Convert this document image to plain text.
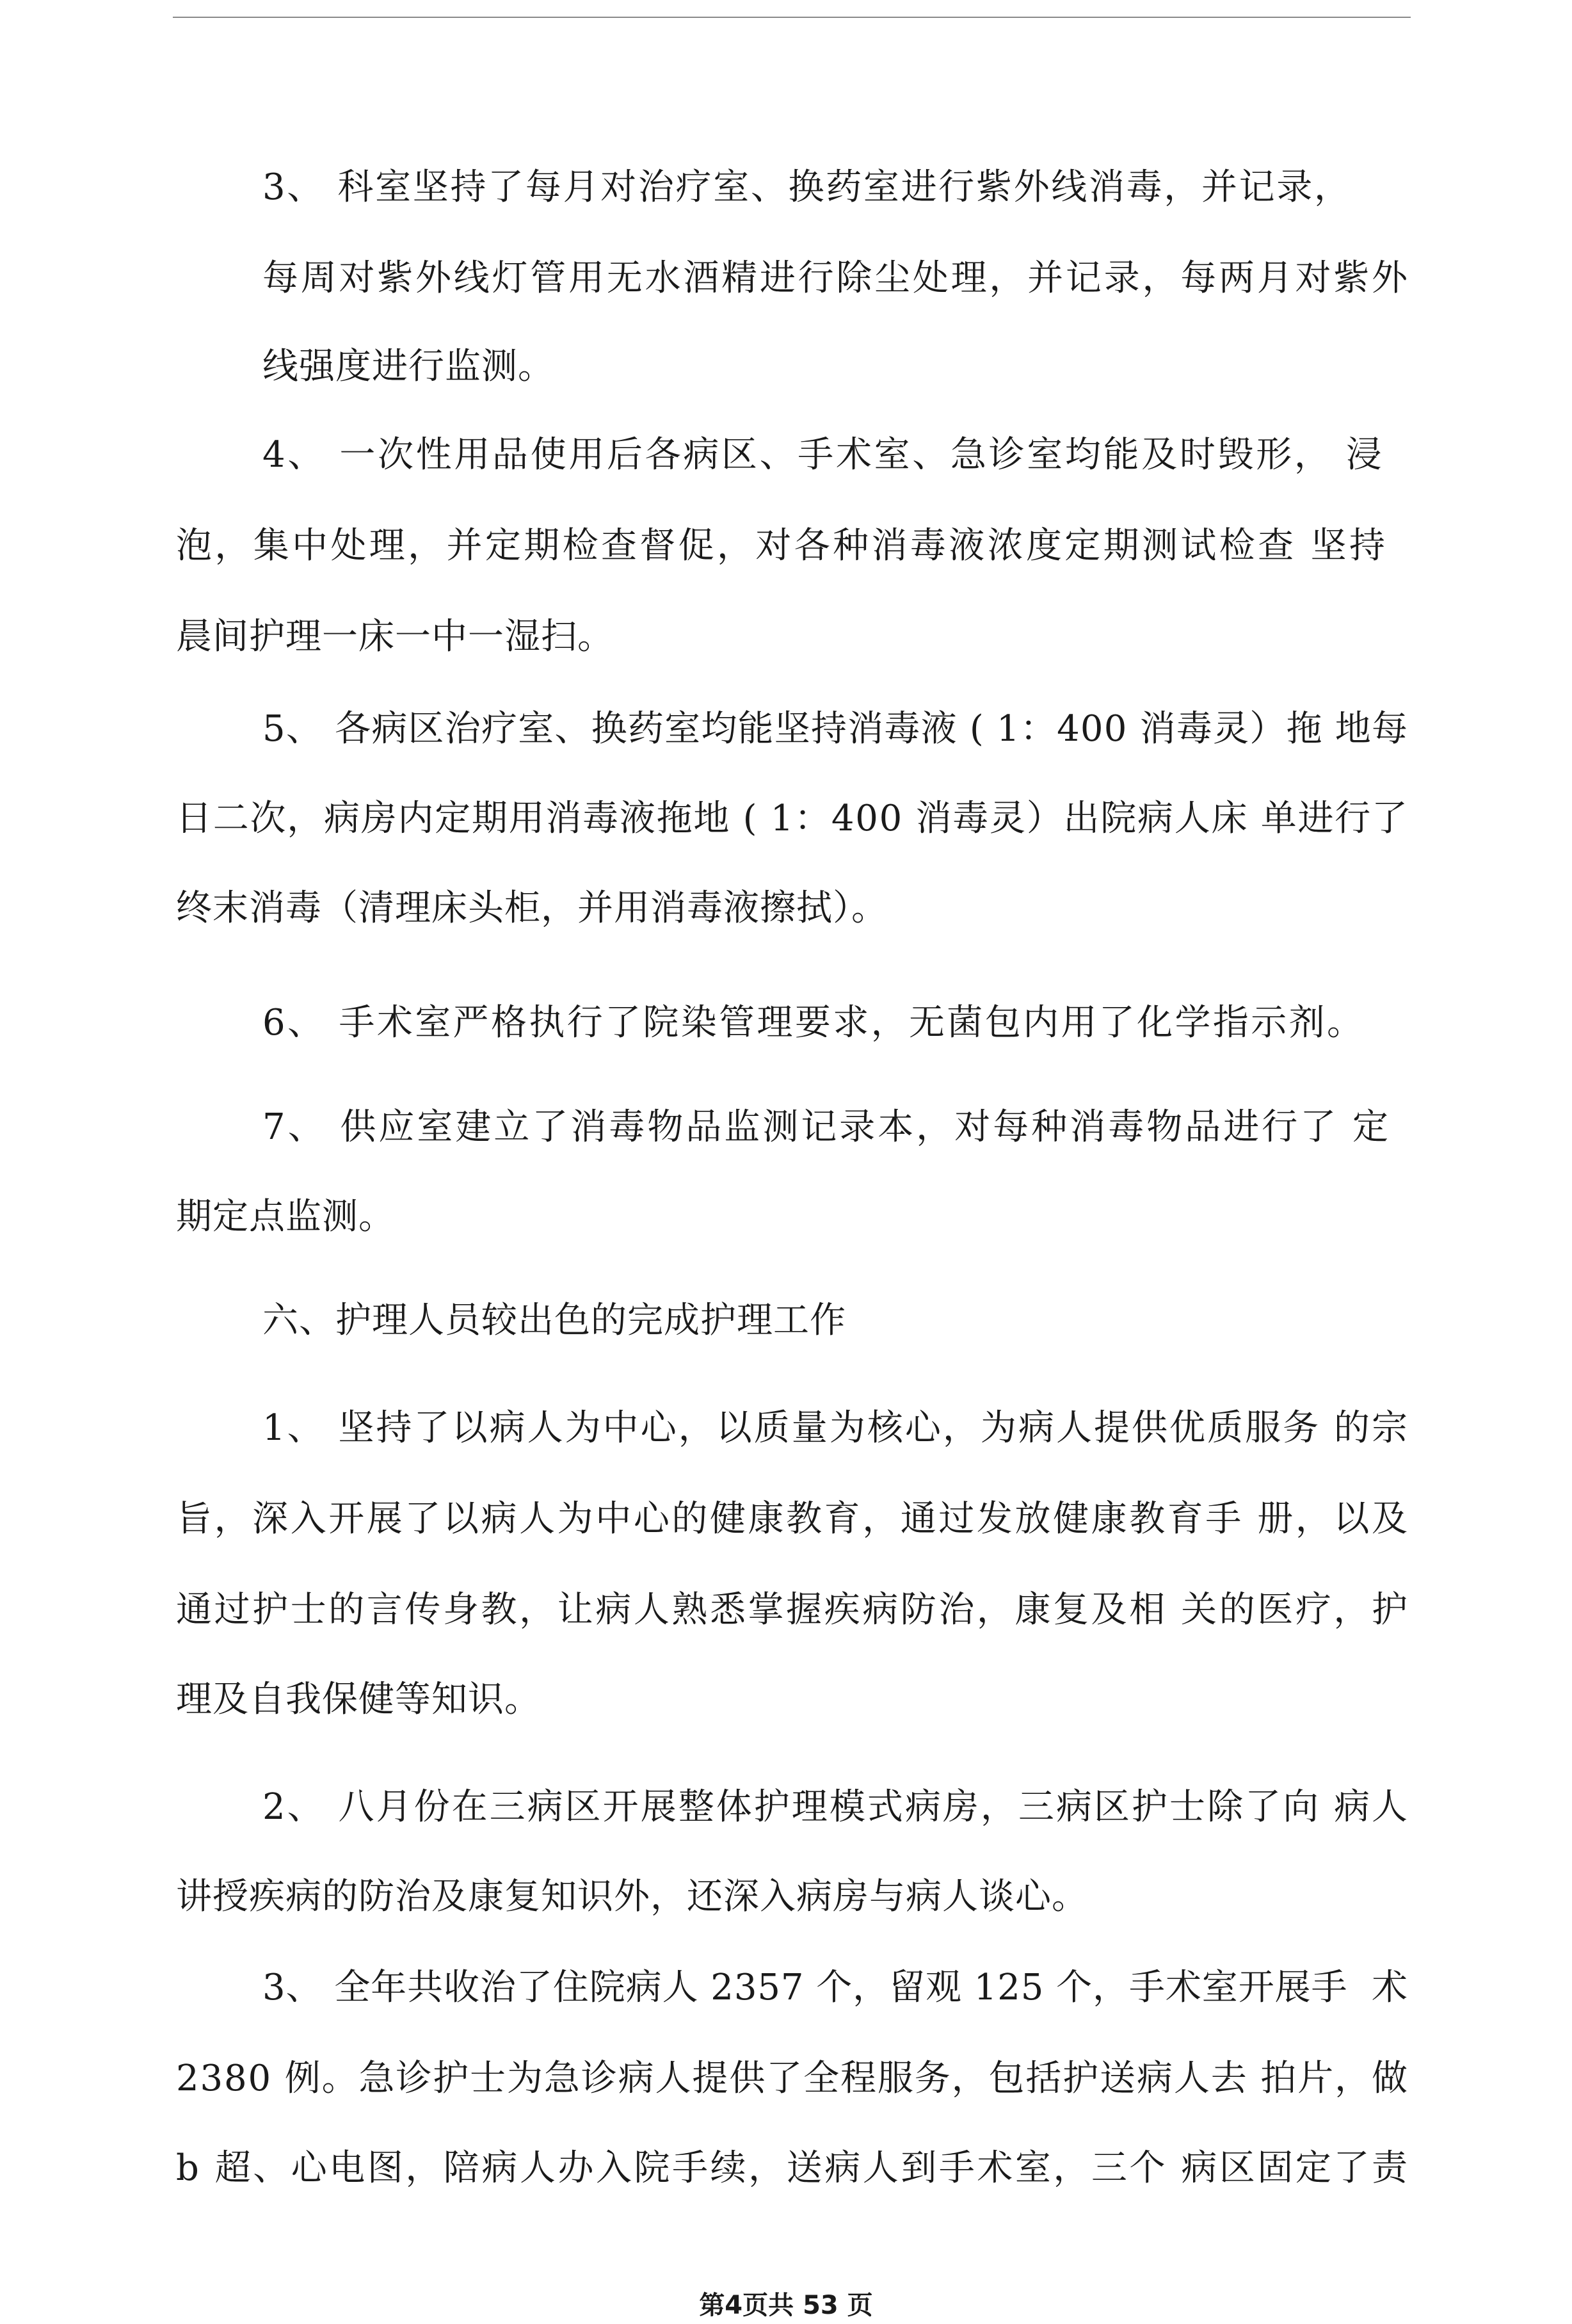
3、 科室坚持了每月对治疗室、换药室进行紫外线消毒，并记录，
每周对紫外线灯管用无水酒精进行除尘处理，并记录，每两月对紫外
线强度进行监测。
4、 一次性用品使用后各病区、手术室、急诊室均能及时毁形， 浸
泡，集中处理，并定期检查督促，对各种消毒液浓度定期测试检查 坚持
晨间护理一床一中一湿扫。
5、 各病区治疗室、换药室均能坚持消毒液 ( 1：400 消毒灵）拖 地每
日二次，病房内定期用消毒液拖地 ( 1：400 消毒灵）出院病人床 单进行了
终末消毒（清理床头柜，并用消毒液擦拭）。
6、 手术室严格执行了院染管理要求，无菌包内用了化学指示剂。
7、 供应室建立了消毒物品监测记录本，对每种消毒物品进行了 定
期定点监测。
六、护理人员较出色的完成护理工作
1、 坚持了以病人为中心，以质量为核心，为病人提供优质服务 的宗
旨，深入开展了以病人为中心的健康教育，通过发放健康教育手 册，以及
通过护士的言传身教，让病人熟悉掌握疾病防治，康复及相 关的医疗，护
理及自我保健等知识。
2、 八月份在三病区开展整体护理模式病房，三病区护士除了向 病人
讲授疾病的防治及康复知识外，还深入病房与病人谈心。
3、 全年共收治了住院病人 2357 个，留观 125 个，手术室开展手  术
2380 例。急诊护士为急诊病人提供了全程服务，包括护送病人去 拍片，做
b 超、心电图，陪病人办入院手续，送病人到手术室，三个 病区固定了责
第4页共 53 页
